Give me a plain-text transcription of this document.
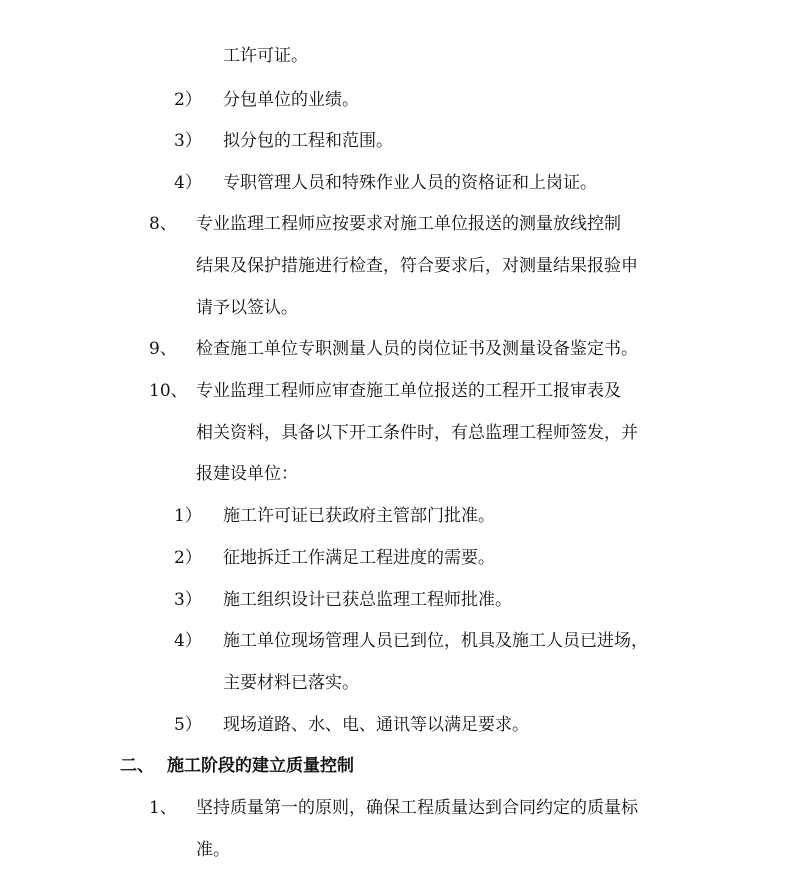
工许可证。
2） 分包单位的业绩。
3） 拟分包的工程和范围。
4） 专职管理人员和特殊作业人员的资格证和上岗证。
8、 专业监理工程师应按要求对施工单位报送的测量放线控制
结果及保护措施进行检查，符合要求后，对测量结果报验申
请予以签认。
9、 检查施工单位专职测量人员的岗位证书及测量设备鉴定书。
10、 专业监理工程师应审查施工单位报送的工程开工报审表及
相关资料，具备以下开工条件时，有总监理工程师签发，并
报建设单位：
1） 施工许可证已获政府主管部门批准。
2） 征地拆迁工作满足工程进度的需要。
3） 施工组织设计已获总监理工程师批准。
4） 施工单位现场管理人员已到位，机具及施工人员已进场，
主要材料已落实。
5） 现场道路、水、电、通讯等以满足要求。
二、 施工阶段的建立质量控制
1、 坚持质量第一的原则，确保工程质量达到合同约定的质量标
准。
